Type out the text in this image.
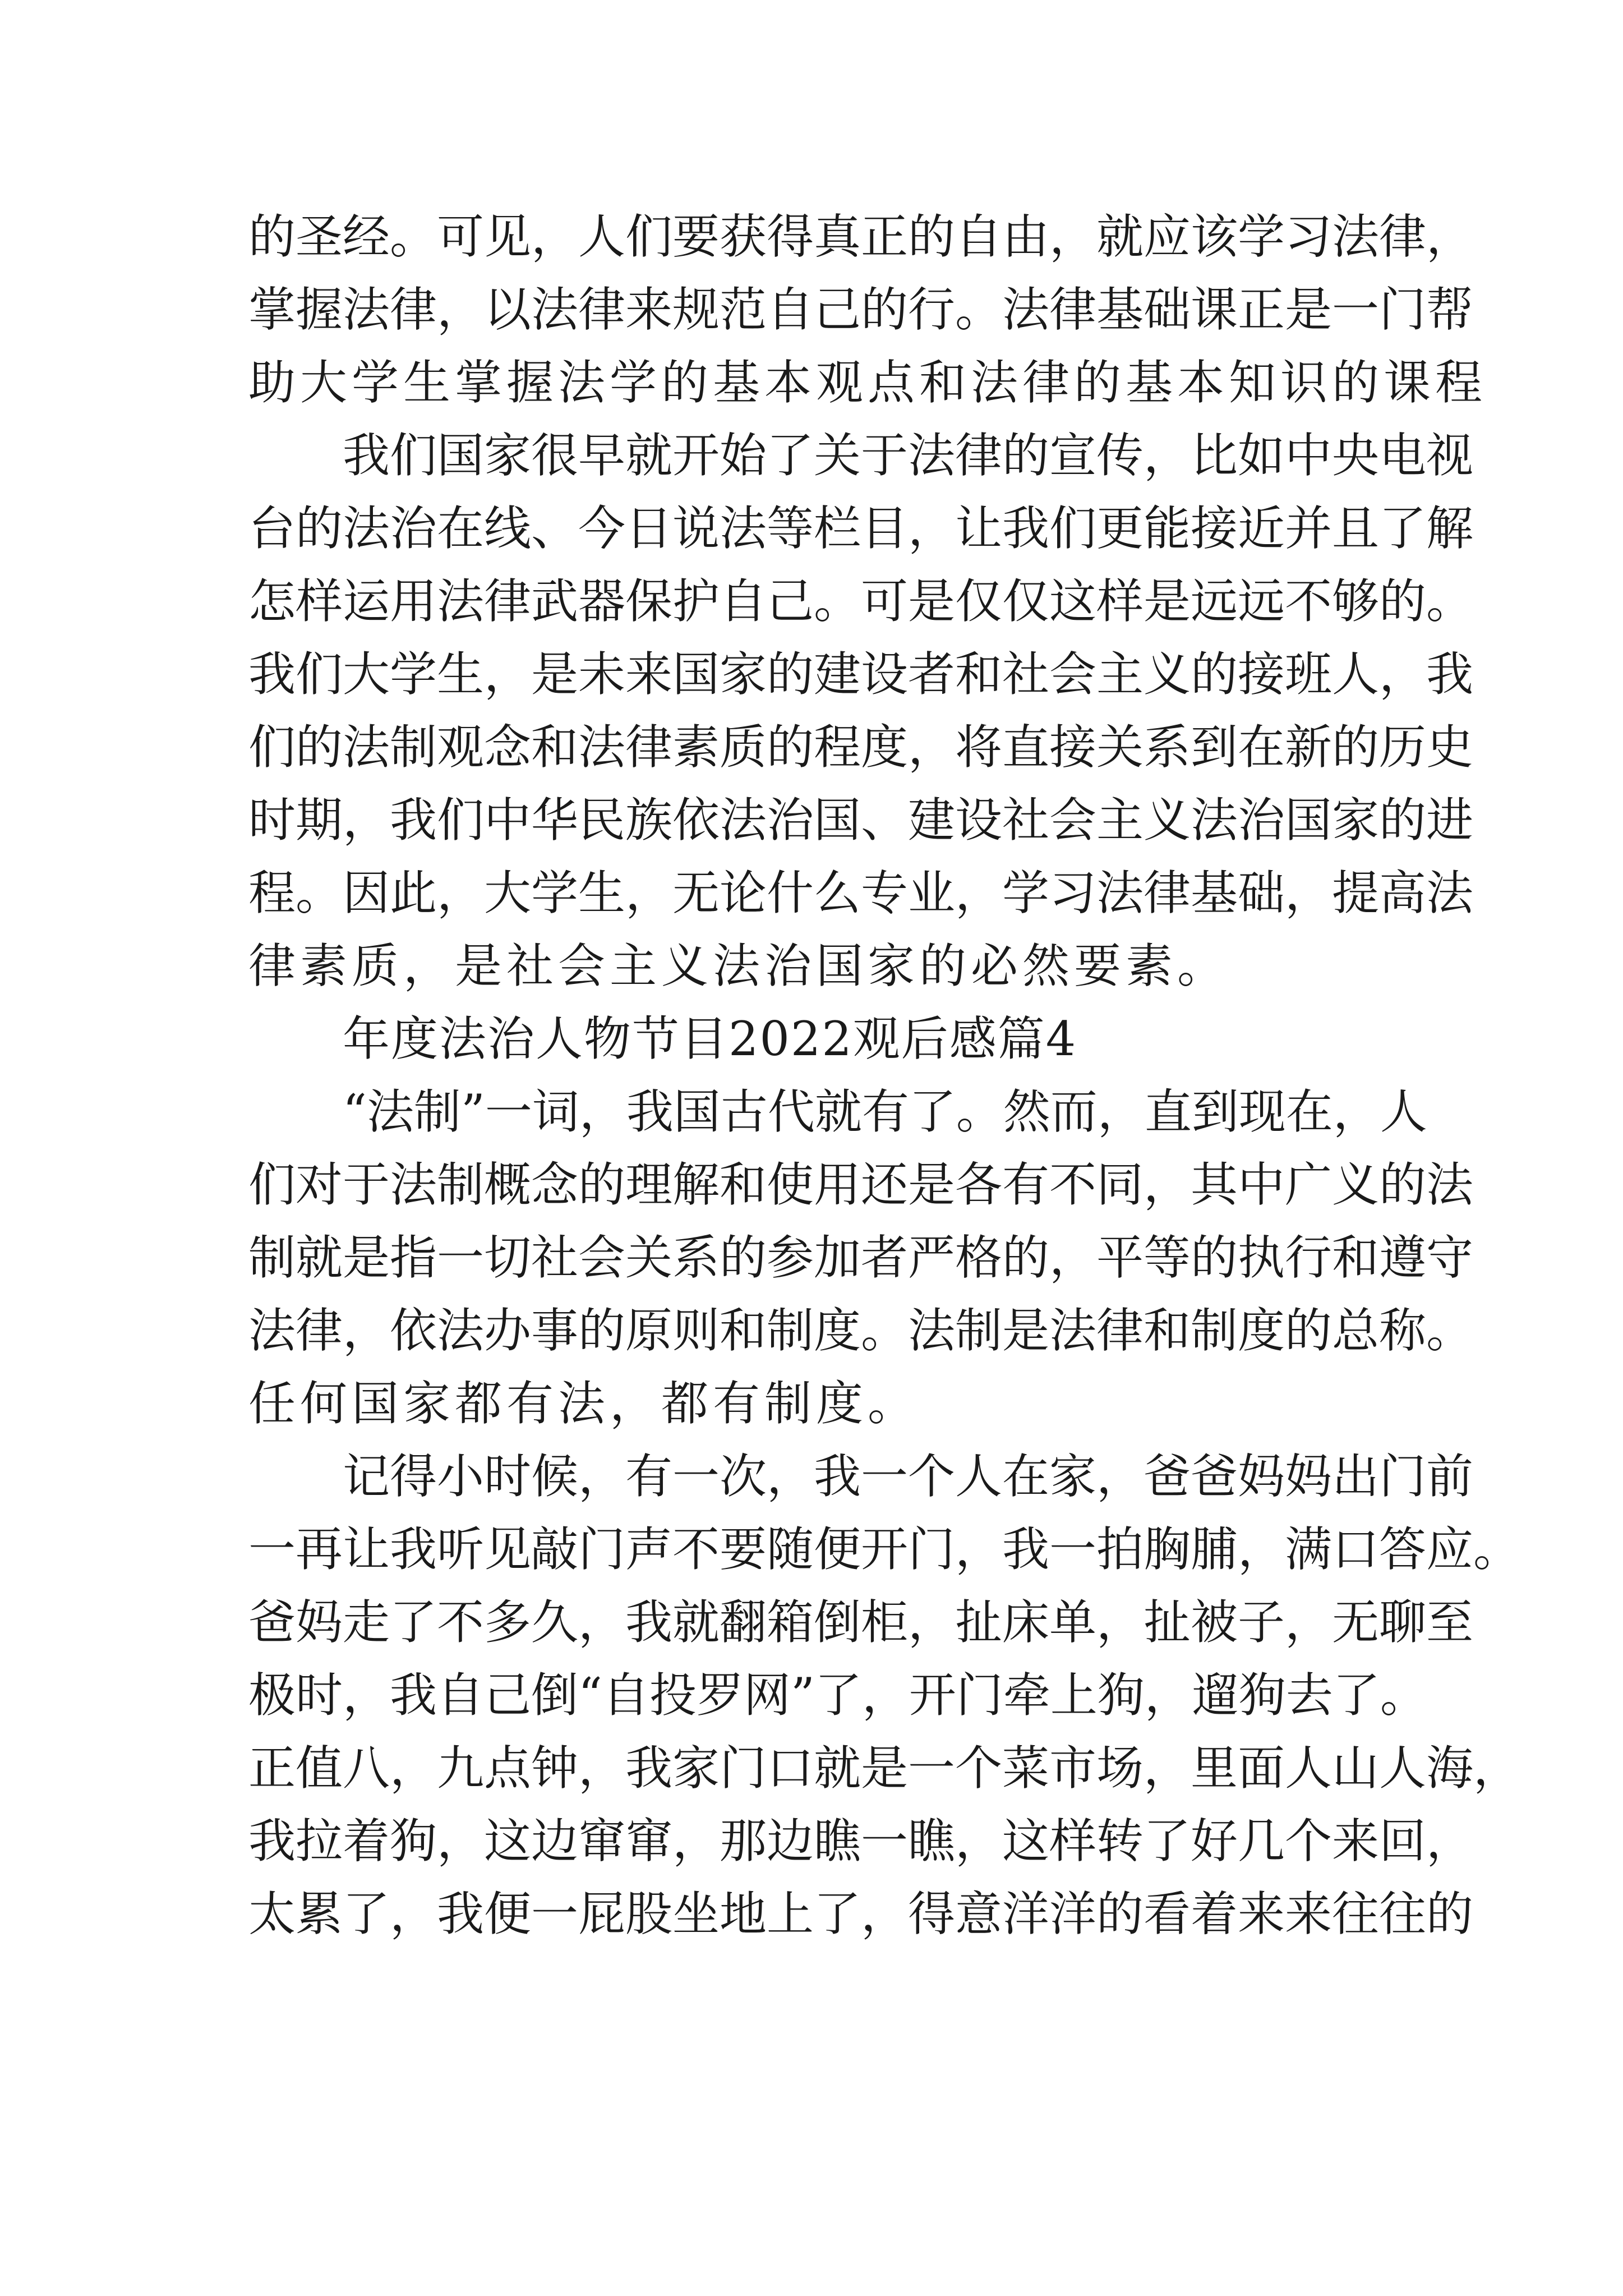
的圣经。可见，人们要获得真正的自由，就应该学习法律，

掌握法律，以法律来规范自己的行。法律基础课正是一门帮

助大学生掌握法学的基本观点和法律的基本知识的课程

我们国家很早就开始了关于法律的宣传，比如中央电视

台的法治在线、今日说法等栏目，让我们更能接近并且了解

怎样运用法律武器保护自己。可是仅仅这样是远远不够的。

我们大学生，是未来国家的建设者和社会主义的接班人，我

们的法制观念和法律素质的程度，将直接关系到在新的历史

时期，我们中华民族依法治国、建设社会主义法治国家的进

程。因此，大学生，无论什么专业，学习法律基础，提高法

律素质，是社会主义法治国家的必然要素。

年度法治人物节目2022观后感篇4

“法制”一词，我国古代就有了。然而，直到现在，人

们对于法制概念的理解和使用还是各有不同，其中广义的法

制就是指一切社会关系的参加者严格的，平等的执行和遵守

法律，依法办事的原则和制度。法制是法律和制度的总称。

任何国家都有法，都有制度。

记得小时候，有一次，我一个人在家，爸爸妈妈出门前

一再让我听见敲门声不要随便开门，我一拍胸脯，满口答应。

爸妈走了不多久，我就翻箱倒柜，扯床单，扯被子，无聊至

极时，我自己倒“自投罗网”了，开门牵上狗，遛狗去了。

正值八，九点钟，我家门口就是一个菜市场，里面人山人海，

我拉着狗，这边窜窜，那边瞧一瞧，这样转了好几个来回，

太累了，我便一屁股坐地上了，得意洋洋的看着来来往往的
